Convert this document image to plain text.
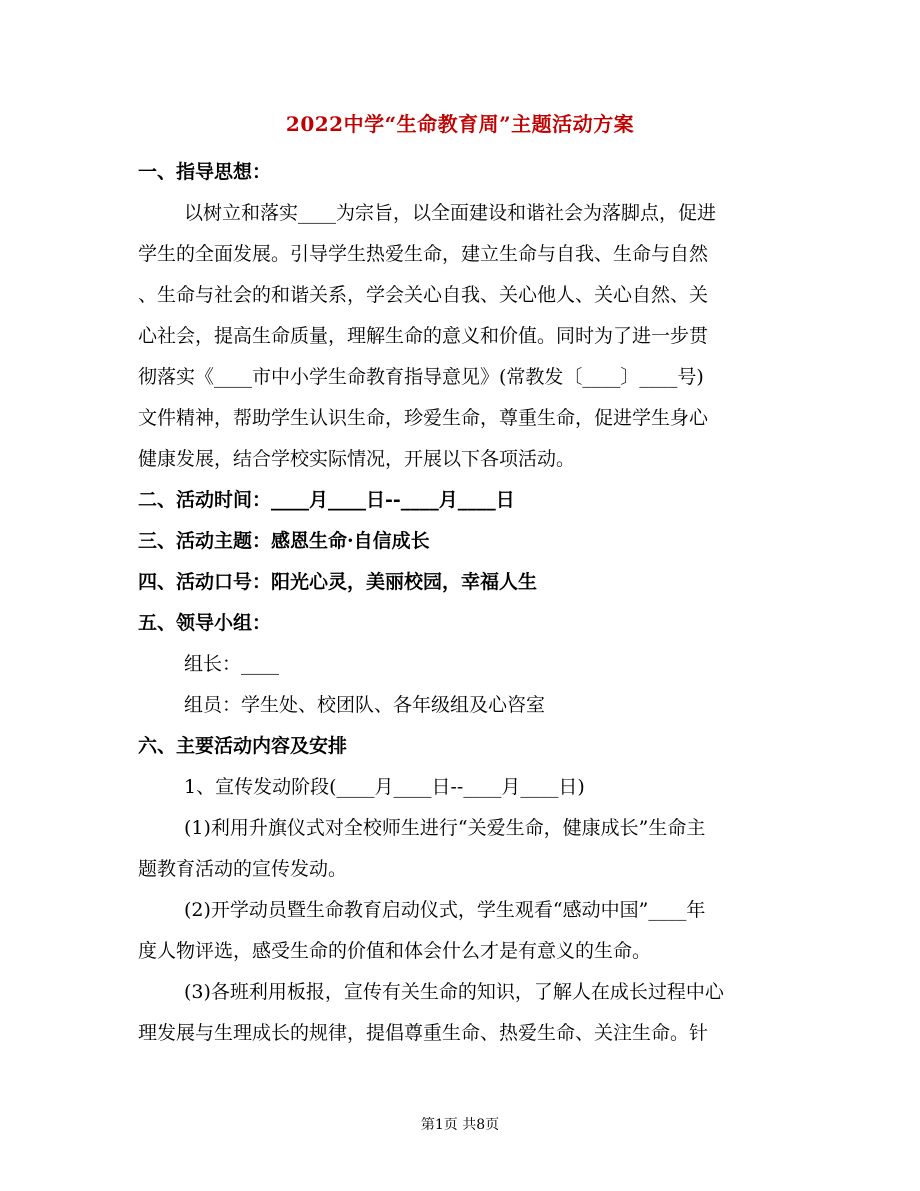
2022中学“生命教育周”主题活动方案
一、指导思想：
以树立和落实____为宗旨，以全面建设和谐社会为落脚点，促进
学生的全面发展。引导学生热爱生命，建立生命与自我、生命与自然
、生命与社会的和谐关系，学会关心自我、关心他人、关心自然、关
心社会，提高生命质量，理解生命的意义和价值。同时为了进一步贯
彻落实《____市中小学生命教育指导意见》(常教发〔____〕____号)
文件精神，帮助学生认识生命，珍爱生命，尊重生命，促进学生身心
健康发展，结合学校实际情况，开展以下各项活动。
二、活动时间：____月____日--____月____日
三、活动主题：感恩生命·自信成长
四、活动口号：阳光心灵，美丽校园，幸福人生
五、领导小组：
组长：____
组员：学生处、校团队、各年级组及心咨室
六、主要活动内容及安排
1、宣传发动阶段(____月____日--____月____日)
(1)利用升旗仪式对全校师生进行“关爱生命，健康成长”生命主
题教育活动的宣传发动。
(2)开学动员暨生命教育启动仪式，学生观看“感动中国”____年
度人物评选，感受生命的价值和体会什么才是有意义的生命。
(3)各班利用板报，宣传有关生命的知识，了解人在成长过程中心
理发展与生理成长的规律，提倡尊重生命、热爱生命、关注生命。针
第1页 共8页
